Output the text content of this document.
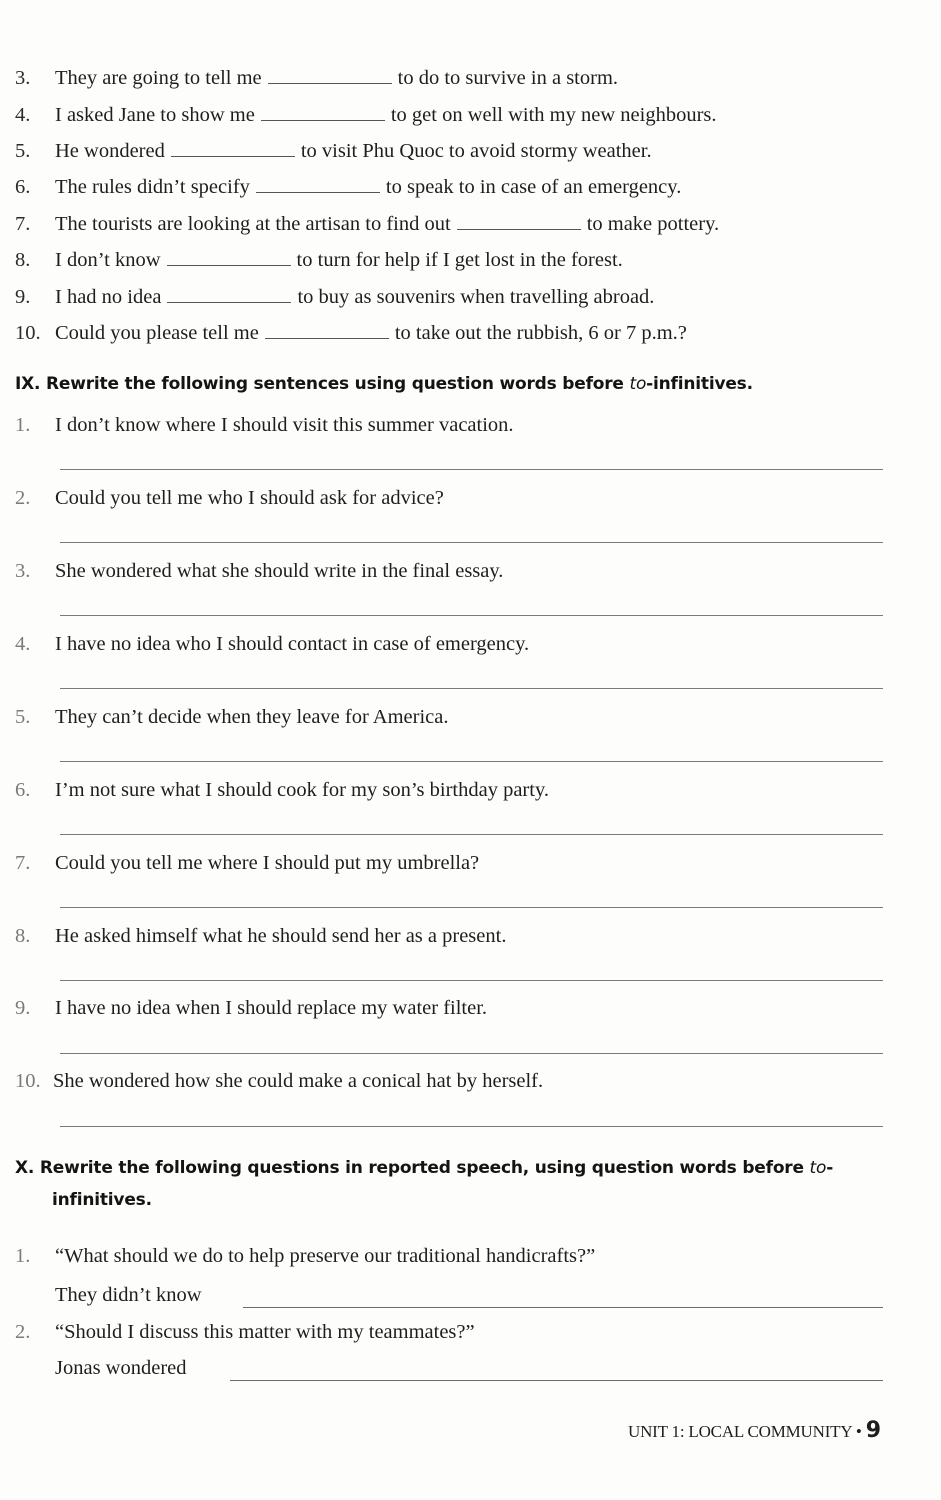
3. They are going to tell me	to do to survive in a storm.
4. I asked Jane to show me	to get on well with my new neighbours.
5. He wondered	to visit Phu Quoc to avoid stormy weather.
6. The rules didn’t specify	to speak to in case of an emergency.
7. The tourists are looking at the artisan to find out	to make pottery.
8. I don’t know	to turn for help if I get lost in the forest.
9. I had no idea	to buy as souvenirs when travelling abroad.
10. Could you please tell me	to take out the rubbish, 6 or 7 p.m.?
IX. Rewrite the following sentences using question words before to-infinitives.
1. I don’t know where I should visit this summer vacation.
2. Could you tell me who I should ask for advice?
3. She wondered what she should write in the final essay.
4. I have no idea who I should contact in case of emergency.
5. They can’t decide when they leave for America.
6. I’m not sure what I should cook for my son’s birthday party.
7. Could you tell me where I should put my umbrella?
8. He asked himself what he should send her as a present.
9. I have no idea when I should replace my water filter.
10. She wondered how she could make a conical hat by herself.
X. Rewrite the following questions in reported speech, using question words before to-
infinitives.
1. “What should we do to help preserve our traditional handicrafts?”
They didn’t know
2. “Should I discuss this matter with my teammates?”
Jonas wondered
UNIT 1: LOCAL COMMUNITY • 9
